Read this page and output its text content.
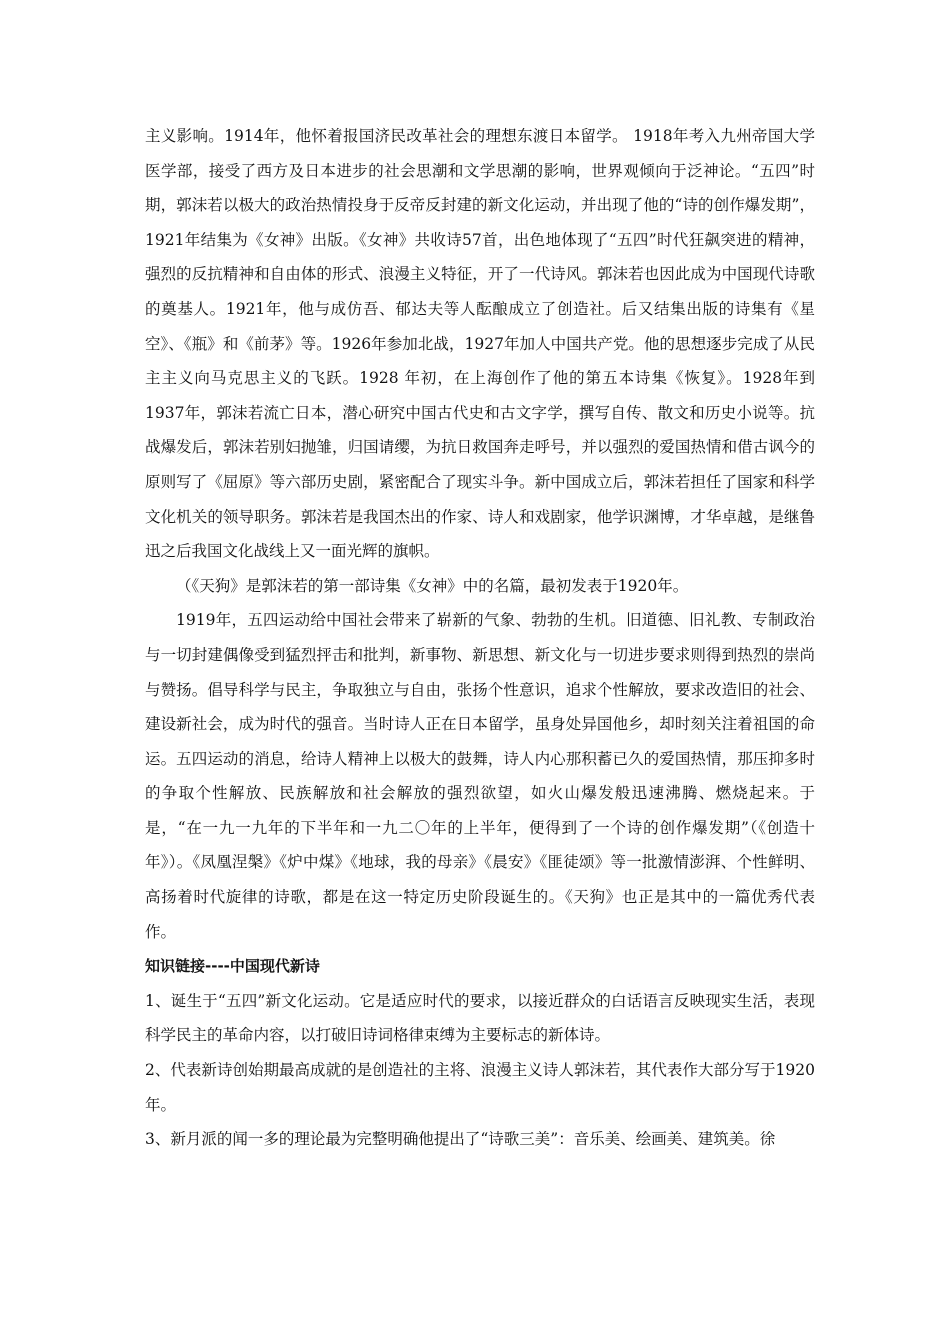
主义影响。1914年，他怀着报国济民改革社会的理想东渡日本留学。 1918年考入九州帝国大学医学部，接受了西方及日本进步的社会思潮和文学思潮的影响，世界观倾向于泛神论。“五四”时期，郭沫若以极大的政治热情投身于反帝反封建的新文化运动，并出现了他的“诗的创作爆发期”，1921年结集为《女神》出版。《女神》共收诗57首，出色地体现了“五四”时代狂飙突进的精神，强烈的反抗精神和自由体的形式、浪漫主义特征，开了一代诗风。郭沫若也因此成为中国现代诗歌的奠基人。1921年，他与成仿吾、郁达夫等人酝酿成立了创造社。后又结集出版的诗集有《星空》、《瓶》和《前茅》等。1926年参加北战，1927年加人中国共产党。他的思想逐步完成了从民主主义向马克思主义的飞跃。1928 年初，在上海创作了他的第五本诗集《恢复》。1928年到1937年，郭沫若流亡日本，潜心研究中国古代史和古文字学，撰写自传、散文和历史小说等。抗战爆发后，郭沫若别妇抛雏，归国请缨，为抗日救国奔走呼号，并以强烈的爱国热情和借古讽今的原则写了《屈原》等六部历史剧，紧密配合了现实斗争。新中国成立后，郭沫若担任了国家和科学文化机关的领导职务。郭沫若是我国杰出的作家、诗人和戏剧家，他学识渊博，才华卓越，是继鲁迅之后我国文化战线上又一面光辉的旗帜。

（《天狗》是郭沫若的第一部诗集《女神》中的名篇，最初发表于1920年。

1919年，五四运动给中国社会带来了崭新的气象、勃勃的生机。旧道德、旧礼教、专制政治与一切封建偶像受到猛烈抨击和批判，新事物、新思想、新文化与一切进步要求则得到热烈的崇尚与赞扬。倡导科学与民主，争取独立与自由，张扬个性意识，追求个性解放，要求改造旧的社会、建设新社会，成为时代的强音。当时诗人正在日本留学，虽身处异国他乡，却时刻关注着祖国的命运。五四运动的消息，给诗人精神上以极大的鼓舞，诗人内心那积蓄已久的爱国热情，那压抑多时的争取个性解放、民族解放和社会解放的强烈欲望，如火山爆发般迅速沸腾、燃烧起来。于是，“在一九一九年的下半年和一九二〇年的上半年，便得到了一个诗的创作爆发期”（《创造十年》）。《凤凰涅槃》《炉中煤》《地球，我的母亲》《晨安》《匪徒颂》等一批激情澎湃、个性鲜明、高扬着时代旋律的诗歌，都是在这一特定历史阶段诞生的。《天狗》也正是其中的一篇优秀代表作。

知识链接----中国现代新诗

1、诞生于“五四”新文化运动。它是适应时代的要求，以接近群众的白话语言反映现实生活，表现科学民主的革命内容，以打破旧诗词格律束缚为主要标志的新体诗。

2、代表新诗创始期最高成就的是创造社的主将、浪漫主义诗人郭沫若，其代表作大部分写于1920年。

3、新月派的闻一多的理论最为完整明确他提出了“诗歌三美”：音乐美、绘画美、建筑美。徐
